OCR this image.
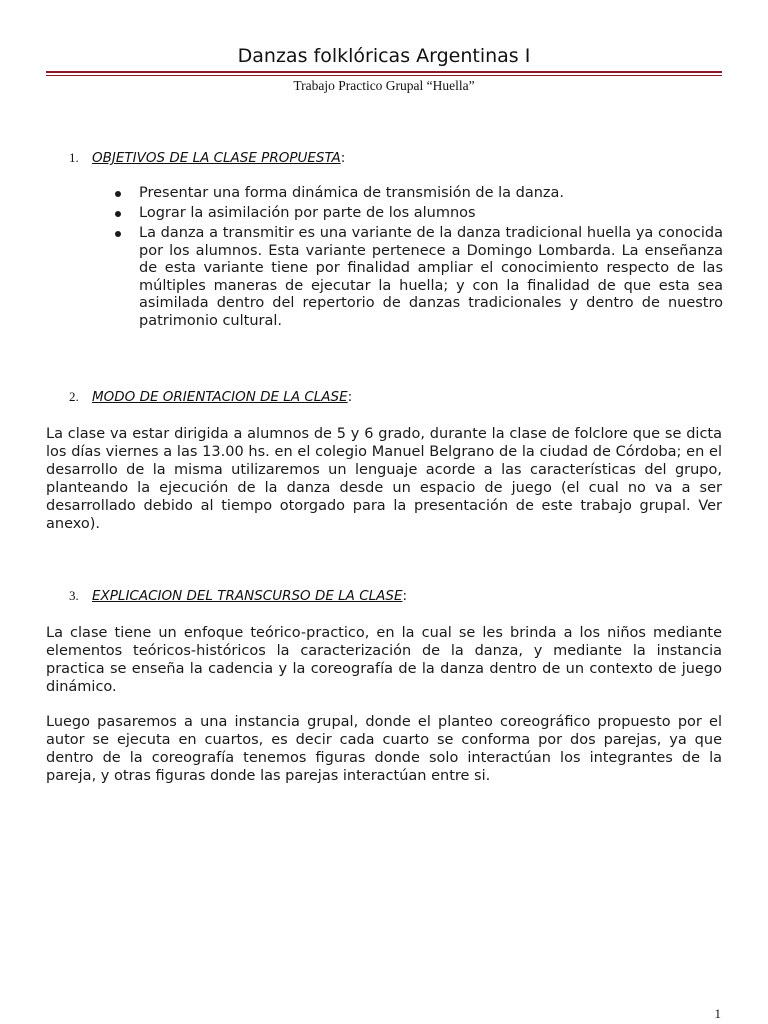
Danzas folklóricas Argentinas I
Trabajo Practico Grupal “Huella”
1. OBJETIVOS DE LA CLASE PROPUESTA:
Presentar una forma dinámica de transmisión de la danza.
Lograr la asimilación por parte de los alumnos
La danza a transmitir es una variante de la danza tradicional huella ya conocida por los alumnos. Esta variante pertenece a Domingo Lombarda. La enseñanza de esta variante tiene por finalidad ampliar el conocimiento respecto de las múltiples maneras de ejecutar la huella; y con la finalidad de que esta sea asimilada dentro del repertorio de danzas tradicionales y dentro de nuestro patrimonio cultural.
2. MODO DE ORIENTACION DE LA CLASE:

La clase va estar dirigida a alumnos de 5 y 6 grado, durante la clase de folclore que se dicta los días viernes a las 13.00 hs. en el colegio Manuel Belgrano de la ciudad de Córdoba; en el desarrollo de la misma utilizaremos un lenguaje acorde a las características del grupo, planteando la ejecución de la danza desde un espacio de juego (el cual no va a ser desarrollado debido al tiempo otorgado para la presentación de este trabajo grupal. Ver anexo).

3. EXPLICACION DEL TRANSCURSO DE LA CLASE:

La clase tiene un enfoque teórico-practico, en la cual se les brinda a los niños mediante elementos teóricos-históricos la caracterización de la danza, y mediante la instancia practica se enseña la cadencia y la coreografía de la danza dentro de un contexto de juego dinámico.

Luego pasaremos a una instancia grupal, donde el planteo coreográfico propuesto por el autor se ejecuta en cuartos, es decir cada cuarto se conforma por dos parejas, ya que dentro de la coreografía tenemos figuras donde solo interactúan los integrantes de la pareja, y otras figuras donde las parejas interactúan entre si.

1
